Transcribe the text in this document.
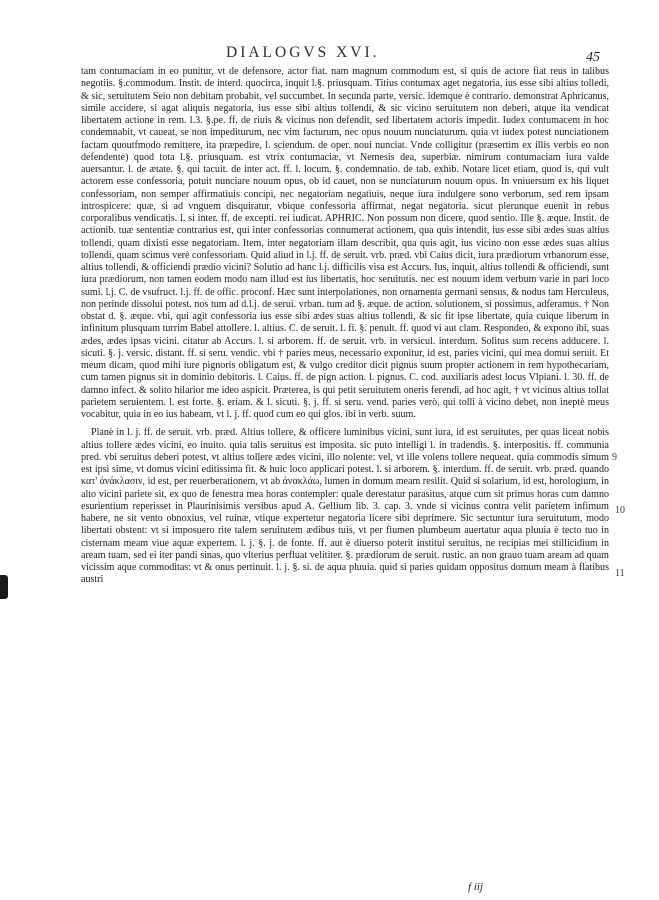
DIALOGVS XVI.	45

tam contumaciam in eo punitur, vt de defensore, actor fiat. nam magnum commodum est, si quis de actore fiat reus in talibus negotiis. §.commodum. Instit. de interd. quocirca, inquit l.§. priusquam. Titius contumax aget negatoria, ius esse sibi altius tolledi, & sic, seruitutem Seio non debitam probabit, vel succumbet. In secunda parte, versic. idemque è contrario. demonstrat Aphricanus, simile accidere, si agat aliquis negatoria, ius esse sibi altius tollendi, & sic vicino seruitutem non deberi, atque ita vendicat libertatem actione in rem. l.3. §.pe. ff. de riuis & vicinus non defendit, sed libertatem actoris impedit. Iudex contumacem in hoc condemnabit, vt caueat, se non impediturum, nec vim facturum, nec opus nouum nunciaturum. quia vt iudex potest nunciationem factam quoutfmodo remittere, ita præpedire, l. sciendum. de oper. noui nunciat. Vnde colligitur (præsertim ex illis verbis eo non defendente) quod tota l.§. priusquam. est vtrix contumaciæ, vt Nemesis dea, superbiæ. nimirum contumaciam iura valde auersantur. l. de ætate. §. qui tacuit. de inter act. ff. l. locum. §. condemnatio. de tab. exhib. Notare licet etiam, quod is, qui vult actorem esse confessoria, potuit nunciare nouum opus, ob id cauet, non se nunciaturum nouum opus. In vniuersum ex his liquet confessoriam, non semper affirmatiuis concipi, nec negatoriam negatiuis, neque iura indulgere sono verborum, sed rem ipsam introspicere: quæ, si ad vnguem disquiratur, vbique confessoria affirmat, negat negatoria. sicut plerunque euenit in rebus corporalibus vendicatis. l. si inter. ff. de excepti. rei iudicat. APHRIC. Non possum non dicere, quod sentio. Ille §. æque. Instit. de actionib. tuæ sententiæ contrarius est, qui inter confessorias connumerat actionem, qua quis intendit, ius esse sibi ædes suas altius tollendi, quam dixisti esse negatoriam. Item, inter negatoriam illam describit, qua quis agit, ius vicino non esse ædes suas altius tollendi, quam scimus verè confessoriam. Quid aliud in l.j. ff. de seruit. vrb. præd. vbi Caius dicit, iura prædiorum vrbanorum esse, altius tollendi, & officiendi prædio vicini? Solutio ad hanc l.j. difficilis visa est Accurs. Ius, inquit, altius tollendi & officiendi, sunt iura prædiorum, non tamen eodem modo nam illud est ius libertatis, hoc seruitutis. nec est nouum idem verbum varie in pari loco sumi. l.j. C. de vsufruct. l.j. ff. de offic. proconf. Hæc sunt interpolationes, non ornamenta germani sensus, & nodus tam Herculeus, non perinde dissolui potest. nos tum ad d.l.j. de serui. vrban. tum ad §. æque. de action. solutionem, si possimus, adferamus. † Non obstat d. §. æque. vbi, qui agit confessoria ius esse sibi ædes suas altius tollendi, & sic fit ipse libertate, quia cuique liberum in infinitum plusquam turrim Babel attollere. l. altius. C. de seruit. l. fi. §. penult. ff. quod vi aut clam. Respondeo, & expono ibi, suas ædes, ædes ipsas vicini. citatur ab Accurs. l. si arborem. ff. de seruit. vrb. in versicul. interdum. Solitus sum recens adducere. l. sicuti. §. j. versic. distant. ff. si seru. vendic. vbi † paries meus, necessario exponitur, id est, paries vicini, qui mea domui seruit. Et meum dicam, quod mihi iure pignoris obligatum est, & vulgo creditor dicit pignus suum propter actionem in rem hypothecariam, cum tamen pignus sit in dominio debitoris. l. Caius. ff. de pign action. l. pignus. C. cod. auxiliaris adest locus Vlpiani. l. 30. ff. de damno infect. & solito hilarior me ideo aspicit. Præterea, is qui petit seruitutem oneris ferendi, ad hoc agit, † vt vicinus altius tollat parietem seruientem. l. est forte. §. eriam. & l. sicuti. §. j. ff. si seru. vend. paries verò, qui tolli à vicino debet, non ineptè meus vocabitur, quia in eo ius habeam, vt l. j. ff. quod cum eo qui glos. ibi in verb. suum.

Planè in l. j. ff. de seruit. vrb. præd. Altius tollere, & officere luminibus vicini, sunt iura, id est seruitutes, per quas liceat nobis altius tollere ædes vicini, eo inuito. quia talis seruitus est imposita. sic puto intelligi l. in tradendis. §. interpositis. ff. communia pred. vbi seruitus deberi potest, vt altius tollere ædes vicini, illo nolente: vel, vt ille volens tollere nequeat. quia commodis simum est ipsi sime, vt domus vicini editissima fit. & huic loco applicari potest. l. si arborem. §. interdum. ff. de seruit. vrb. præd. quando κατ' ἀνάκλασιν, id est, per reuerberationem, vt ab ἀνακλάω, lumen in domum meam resilit. Quid si solarium, id est, horologium, in alto vicini pariete sit, ex quo de fenestra mea horas contempler: quale derestatur parasitus, atque cum sit primus horas cum damno esurientium reperisset in Plaurinisimis versibus apud A. Gellium lib. 3. cap. 3. vnde si vicinus contra velit parietem infimum habere, ne sit vento obnoxius, vel ruinæ, vtique expertetur negatoria licere sibi deprimere. Sic sectuntur iura seruitutum, modo libertati obstent: vt si imposuero rite talem seruitutem ædibus tuis, vt per fiumen plumbeum auertatur aqua pluuia è tecto tuo in cisternam meam viue aquæ expertem. l. j. §. j. de fonte. ff. aut è diuerso poterit institui seruitus, ne recipias mei stillicidium in aream tuam, sed ei iter pandi sinas, quo vlterius perfluat velititer. §. prædiorum de seruit. rustic. an non grauo tuam aream ad quam vicissim aque commoditas: vt & onus pertinuit. l. j. §. si. de aqua pluuia. quid si paries quidam oppositus domum meam à flatibus austri

9
10
11
f iij
